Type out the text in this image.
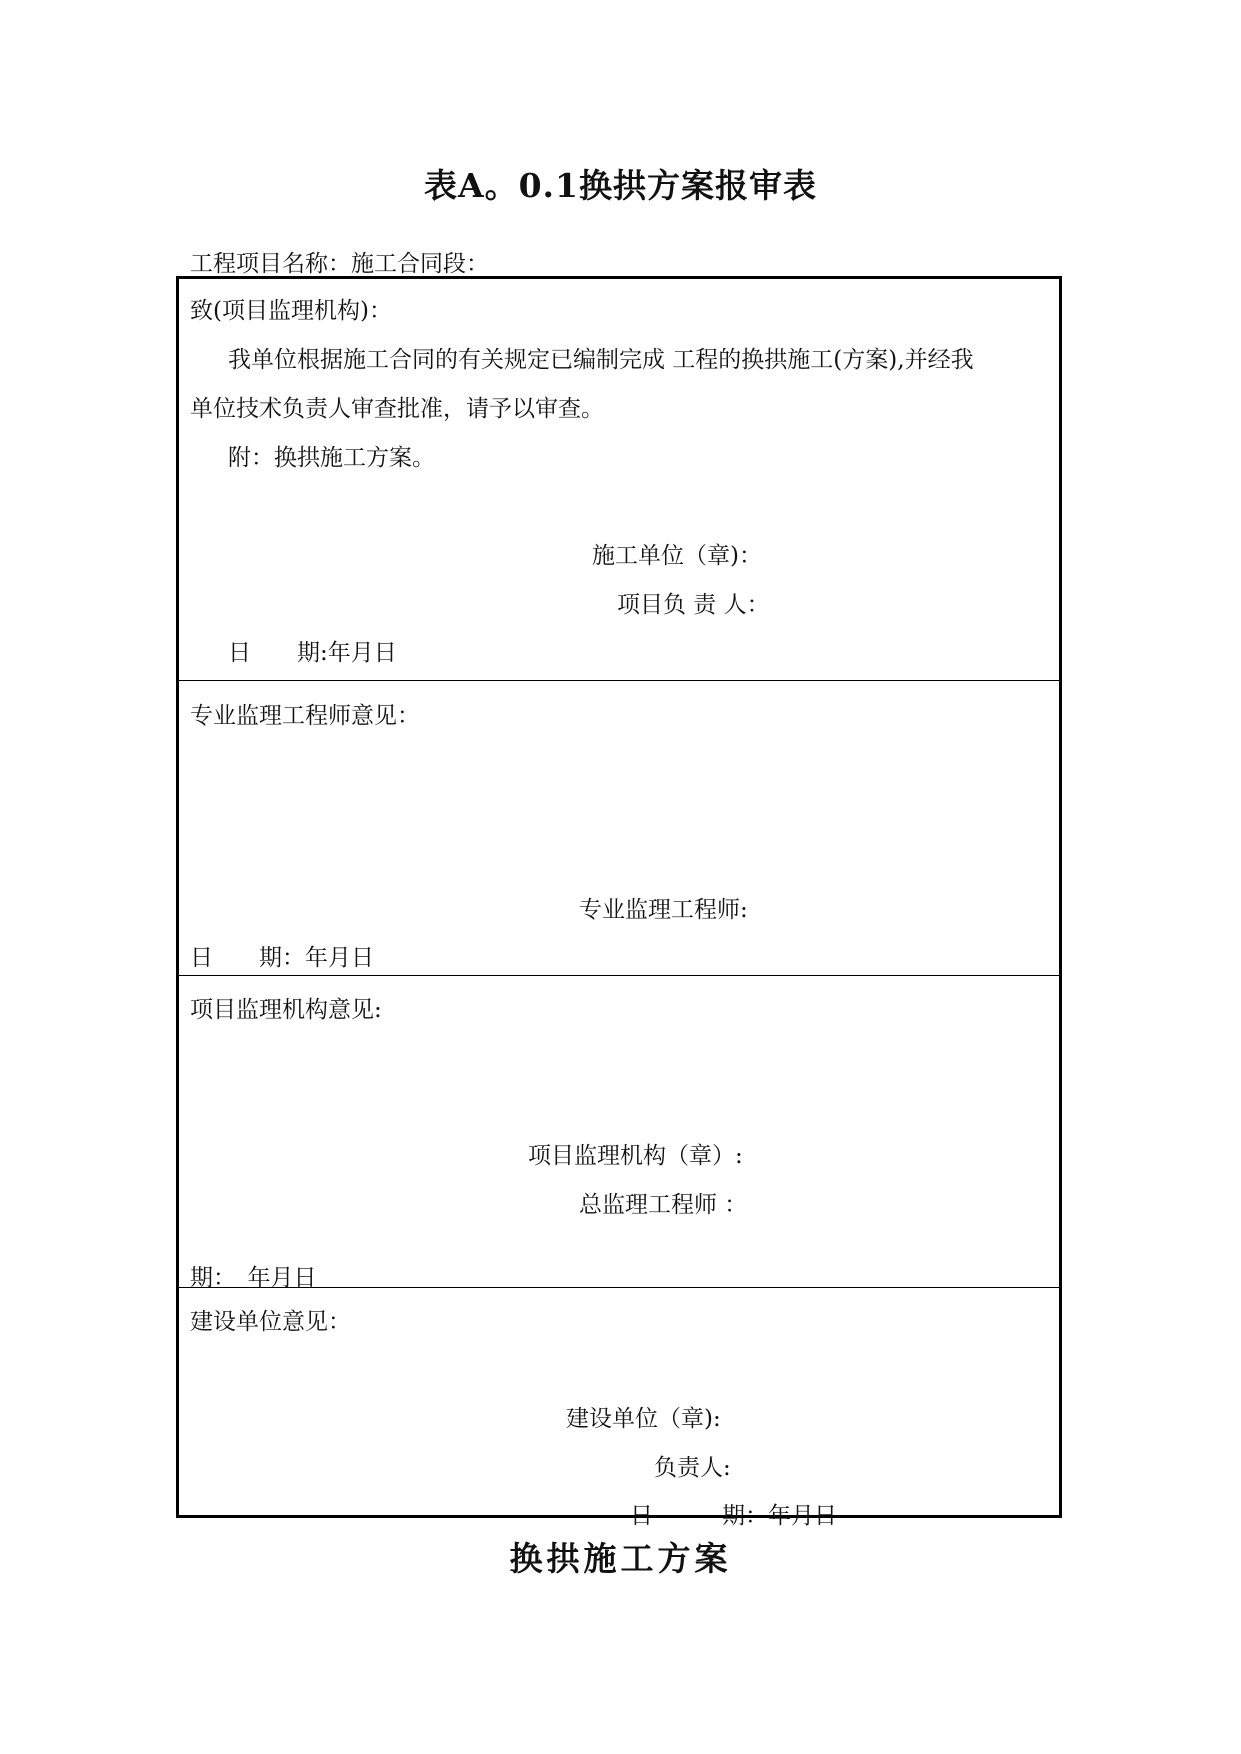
表A。0.1换拱方案报审表
工程项目名称：施工合同段：
致(项目监理机构)：
我单位根据施工合同的有关规定已编制完成 工程的换拱施工(方案),并经我
单位技术负责人审查批准，请予以审查。
附：换拱施工方案。
施工单位（章)：
项目负 责 人：
日　　期:年月日
专业监理工程师意见：
专业监理工程师:
日　　期：年月日
项目监理机构意见:
项目监理机构（章）:
总监理工程师 ：
期：　年月日
建设单位意见：
建设单位（章):
负责人:
日　　　期：年月日
换拱施工方案
